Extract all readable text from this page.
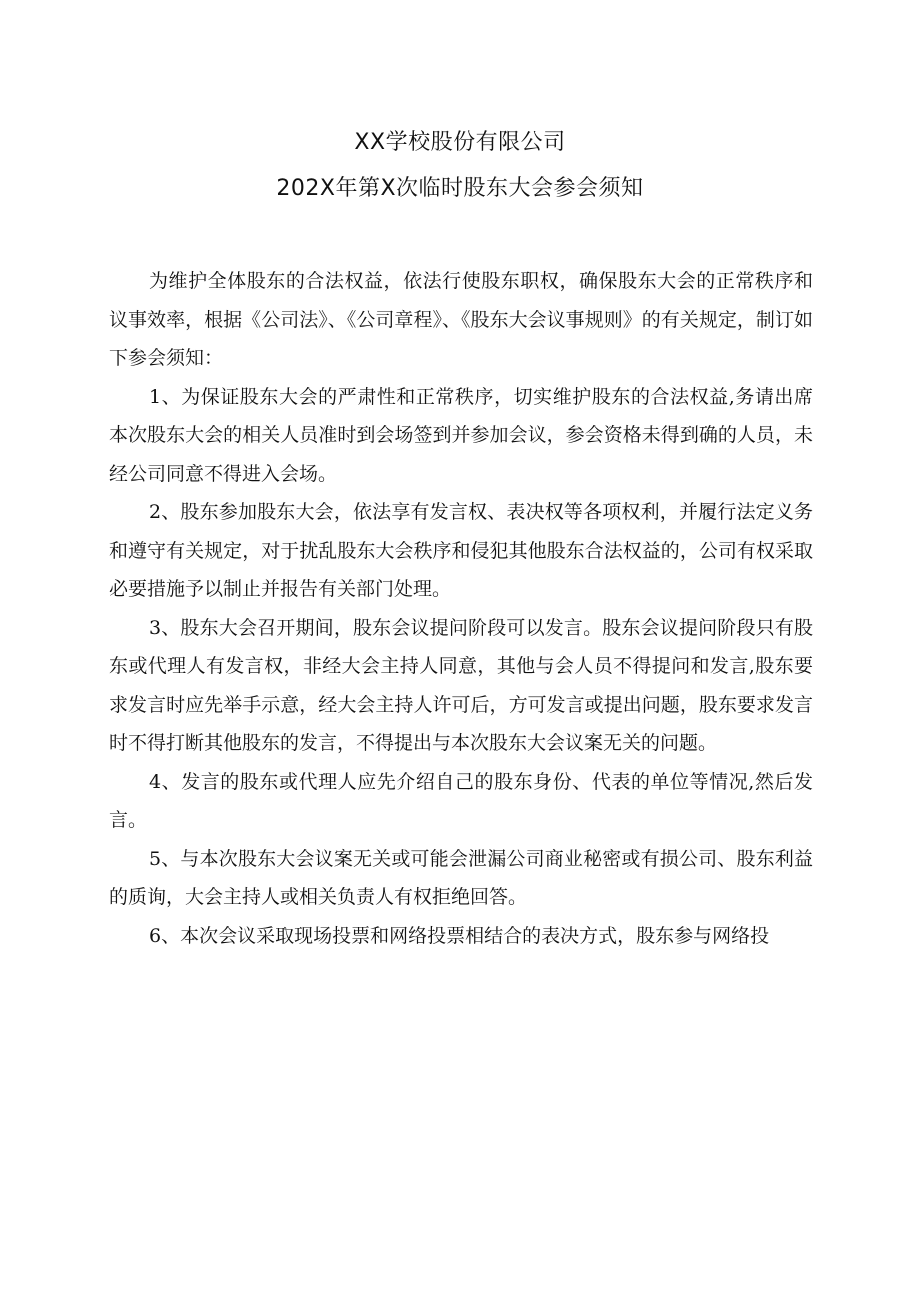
XX学校股份有限公司
202X年第X次临时股东大会参会须知

为维护全体股东的合法权益，依法行使股东职权，确保股东大会的正常秩序和议事效率，根据《公司法》、《公司章程》、《股东大会议事规则》的有关规定，制订如下参会须知：

1、为保证股东大会的严肃性和正常秩序，切实维护股东的合法权益,务请出席本次股东大会的相关人员准时到会场签到并参加会议，参会资格未得到确的人员，未经公司同意不得进入会场。

2、股东参加股东大会，依法享有发言权、表决权等各项权利，并履行法定义务和遵守有关规定，对于扰乱股东大会秩序和侵犯其他股东合法权益的，公司有权采取必要措施予以制止并报告有关部门处理。

3、股东大会召开期间，股东会议提问阶段可以发言。股东会议提问阶段只有股东或代理人有发言权，非经大会主持人同意，其他与会人员不得提问和发言,股东要求发言时应先举手示意，经大会主持人许可后，方可发言或提出问题，股东要求发言时不得打断其他股东的发言，不得提出与本次股东大会议案无关的问题。

4、发言的股东或代理人应先介绍自己的股东身份、代表的单位等情况,然后发言。

5、与本次股东大会议案无关或可能会泄漏公司商业秘密或有损公司、股东利益的质询，大会主持人或相关负责人有权拒绝回答。

6、本次会议采取现场投票和网络投票相结合的表决方式，股东参与网络投
